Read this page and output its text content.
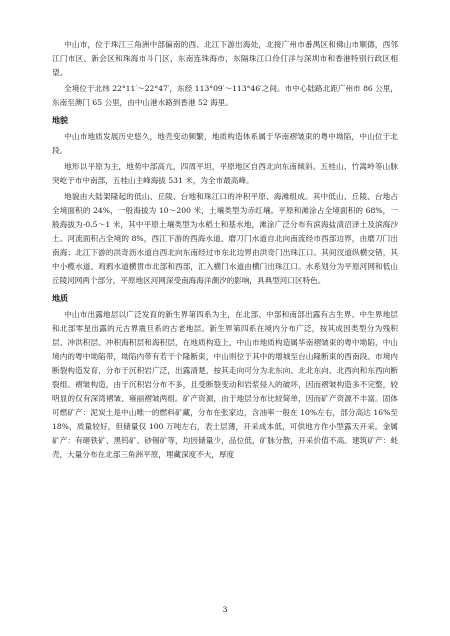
中山市，位于珠江三角洲中部偏南的西、北江下游出海处，北接广州市番禺区和佛山市顺德，西邻江门市区、新会区和珠海市斗门区，东南连珠海市，东隔珠江口伶仃洋与深圳市和香港特别行政区相望。

全境位于北纬 22°11′～22°47′，东经 113°09′～113°46′之间。市中心陆路北距广州市 86 公里，东南至澳门 65 公里，由中山港水路到香港 52 海里。

地貌

中山市地质发展历史悠久，地壳变动频繁，地质构造体系属于华南褶皱束的粤中坳陷，中山位于北段。

地形以平原为主，地势中部高亢，四周平坦，平原地区自西北向东南倾斜。五桂山、竹嵩岭等山脉突屹于市中南部，五桂山主峰海拔 531 米，为全市最高峰。

地貌由大陆架隆起的低山、丘陵、台地和珠江口的冲积平原、海滩组成。其中低山、丘陵、台地占全境面积的 24%，一般海拔为 10～200 米，土壤类型为赤红壤。平原和滩涂占全境面积的 68%，一般海拔为-0.5～1 米，其中平原土壤类型为水稻土和基水地，滩涂广泛分布有滨海盐渍沼泽土及滨海沙土。河流面积占全境的 8%，西江下游的西海水道、磨刀门水道自北向南流经市西部边界，由磨刀门出南海；北江下游的洪奇沥水道自西北向东南经过市东北边界由洪奇门出珠江口。其间汊道纵横交错，其中小榄水道、鸡鸦水道横贯市北部和西部，汇入横门水道由横门出珠江口。水系划分为平原河网和低山丘陵河网两个部分，平原地区河网深受南海海洋潮汐的影响，具典型河口区特色。

地质

中山市出露地层以广泛发育的新生界第四系为主，在北部、中部和南部出露有古生界、中生界地层和北部零星出露的元古界震旦系的古老地层。新生界第四系在境内分布广泛，按其成因类型分为残积层、冲洪积层、冲积海积层和海积层，在地质构造上，中山市地质构造属华南褶皱束的粤中坳陷，中山境内的粤中坳陷带，坳陷内带有若干个隆断束，中山则位于其中的增城至台山隆断束的西南段。市境内断裂构造发育，分布于沉积岩广泛，出露清楚，按其走向可分为北东向、北北东向、北西向和东西向断裂组。褶皱构造，由于沉积岩分布不多，且受断裂变动和岩浆侵入的破坏，因而褶皱构造多不完整，较明显的仅有深湾褶皱、雍丽褶皱两组。矿产资源，由于地层分布比较简单，因而矿产资源不丰富。固体可燃矿产：泥炭土是中山唯一的燃料矿藏，分布在张家边，含油率一般在 10%左右，部分高达 16%至 18%，质量较好，但储量仅 100 万吨左右，表土层薄，开采成本低，可供地方作小型露天开采。金属矿产：有砸铁矿、黑钨矿、砂锡矿等，均因储量少，品位低，矿脉分散，开采价值不高。建筑矿产：蚝壳，大量分布在北部三角洲平原，埋藏深度不大，厚度

3
